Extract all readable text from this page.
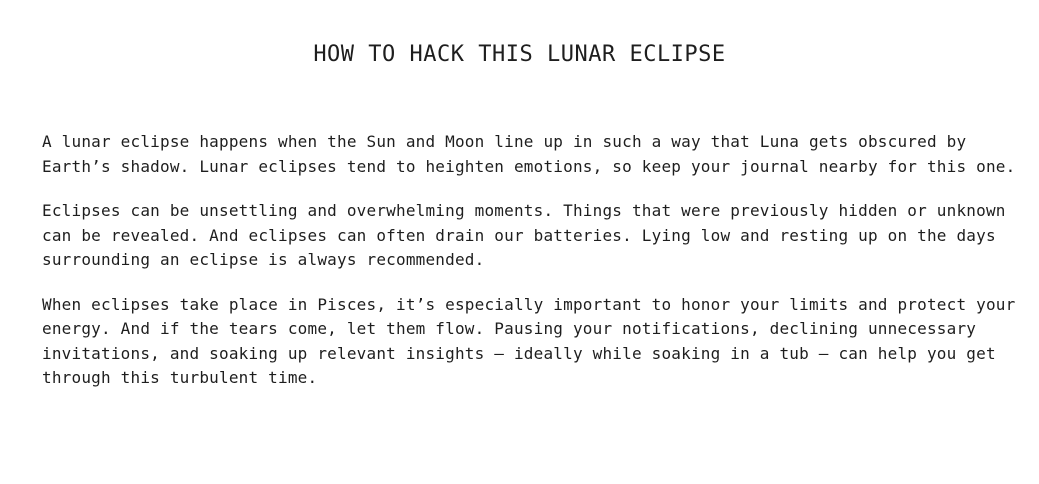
HOW TO HACK THIS LUNAR ECLIPSE

A lunar eclipse happens when the Sun and Moon line up in such a way that Luna gets obscured by Earth’s shadow. Lunar eclipses tend to heighten emotions, so keep your journal nearby for this one.

Eclipses can be unsettling and overwhelming moments. Things that were previously hidden or unknown can be revealed. And eclipses can often drain our batteries. Lying low and resting up on the days surrounding an eclipse is always recommended.

When eclipses take place in Pisces, it’s especially important to honor your limits and protect your energy. And if the tears come, let them flow. Pausing your notifications, declining unnecessary invitations, and soaking up relevant insights — ideally while soaking in a tub — can help you get through this turbulent time.
